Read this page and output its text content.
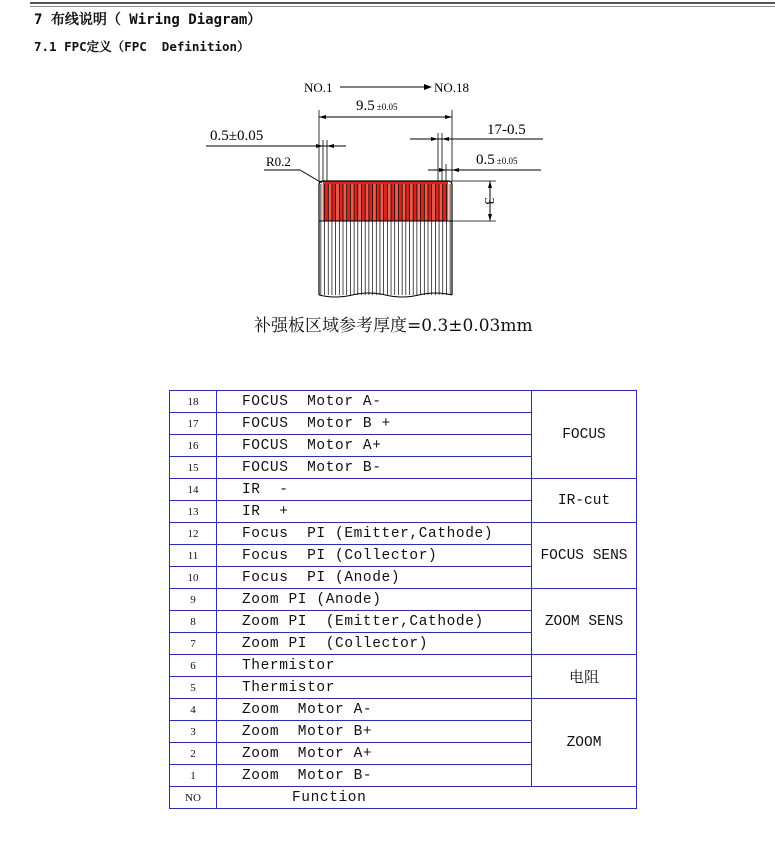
7 布线说明（ Wiring Diagram）
7.1 FPC定义（FPC  Definition）
NO.1	NO.18
9.5 ±0.05
0.5±0.05
R0.2
17-0.5
0.5 ±0.05
3
补强板区域参考厚度=0.3±0.03mm
18	FOCUS  Motor A-	FOCUS
17	FOCUS  Motor B +	
16	FOCUS  Motor A+	
15	FOCUS  Motor B-	
14	IR  -	IR-cut
13	IR  +	
12	Focus  PI (Emitter,Cathode)	FOCUS SENS
11	Focus  PI (Collector)	
10	Focus  PI (Anode)	
9	Zoom PI (Anode)	ZOOM SENS
8	Zoom PI  (Emitter,Cathode)	
7	Zoom PI  (Collector)	
6	Thermistor	电阻
5	Thermistor	
4	Zoom  Motor A-	ZOOM
3	Zoom  Motor B+	
2	Zoom  Motor A+	
1	Zoom  Motor B-	
NO	Function	
